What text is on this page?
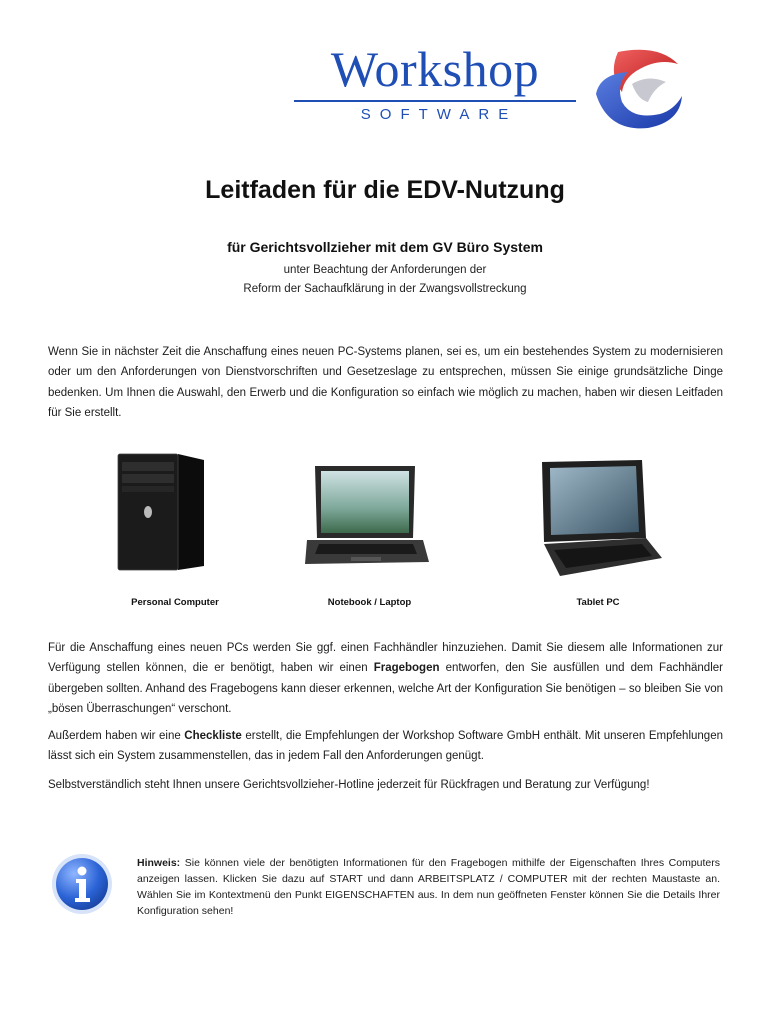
Workshop
SOFTWARE
Leitfaden für die EDV-Nutzung
für Gerichtsvollzieher mit dem GV Büro System
unter Beachtung der Anforderungen der
Reform der Sachaufklärung in der Zwangsvollstreckung

Wenn Sie in nächster Zeit die Anschaffung eines neuen PC-Systems planen, sei es, um ein bestehendes System zu modernisieren oder um den Anforderungen von Dienstvorschriften und Gesetzeslage zu entsprechen, müssen Sie einige grundsätzliche Dinge bedenken. Um Ihnen die Auswahl, den Erwerb und die Konfiguration so einfach wie möglich zu machen, haben wir diesen Leitfaden für Sie erstellt.

Personal Computer	Notebook / Laptop	Tablet PC

Für die Anschaffung eines neuen PCs werden Sie ggf. einen Fachhändler hinzuziehen. Damit Sie diesem alle Informationen zur Verfügung stellen können, die er benötigt, haben wir einen Fragebogen entworfen, den Sie ausfüllen und dem Fachhändler übergeben sollten. Anhand des Fragebogens kann dieser erkennen, welche Art der Konfiguration Sie benötigen – so bleiben Sie von „bösen Überraschungen“ verschont.

Außerdem haben wir eine Checkliste erstellt, die Empfehlungen der Workshop Software GmbH enthält. Mit unseren Empfehlungen lässt sich ein System zusammenstellen, das in jedem Fall den Anforderungen genügt.

Selbstverständlich steht Ihnen unsere Gerichtsvollzieher-Hotline jederzeit für Rückfragen und Beratung zur Verfügung!

Hinweis: Sie können viele der benötigten Informationen für den Fragebogen mithilfe der Eigenschaften Ihres Computers anzeigen lassen. Klicken Sie dazu auf START und dann ARBEITSPLATZ / COMPUTER mit der rechten Maustaste an. Wählen Sie im Kontextmenü den Punkt EIGENSCHAFTEN aus. In dem nun geöffneten Fenster können Sie die Details Ihrer Konfiguration sehen!
